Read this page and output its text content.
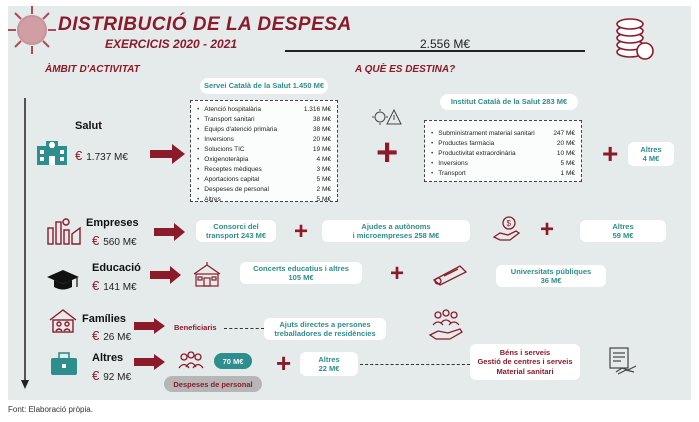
DISTRIBUCIÓ DE LA DESPESA
EXERCICIS 2020 - 2021	2.556 M€
ÀMBIT D'ACTIVITAT	A QUÈ ES DESTINA?
Salut
€ 1.737 M€
Servei Català de la Salut 1.450 M€
• Atenció hospitalària	1.316 M€
• Transport sanitari	38 M€
• Equips d'atenció primària	38 M€
• Inversions	20 M€
• Solucions TIC	19 M€
• Oxigenoteràpia	4 M€
• Receptes mèdiques	3 M€
• Aportacions capital	5 M€
• Despeses de personal	2 M€
• Altres	5 M€
+
Institut Català de la Salut 283 M€
• Subministrament material sanitari	247 M€
• Productes farmàcia	20 M€
• Productivitat extraordinària	10 M€
• Inversions	5 M€
• Transport	1 M€
+	Altres
4 M€
Empreses
€ 560 M€
Consorci del
transport 243 M€ +	Ajudes a autònoms
i microempreses 258 M€
$ +	Altres
59 M€
Educació
€ 141 M€
Concerts educatius i altres
105 M€	+	Universitats públiques
36 M€
Famílies
€ 26 M€
Beneficiaris	Ajuts directes a persones
treballadores de residències
Altres
€ 92 M€
70 M€
Despeses de personal
+	Altres
22 M€
Béns i serveis
Gestió de centres i serveis
Material sanitari
Font: Elaboració pròpia.
